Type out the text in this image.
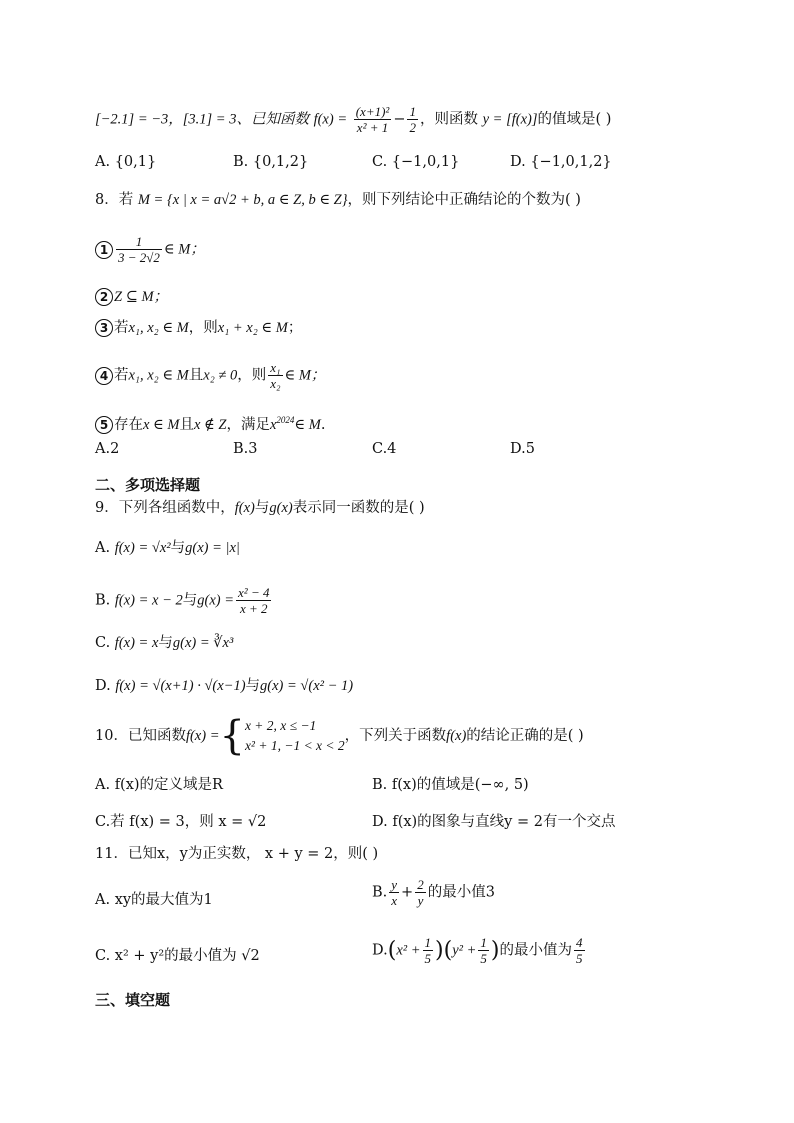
[−2.1] = −3，[3.1] = 3、已知函数 $f(x) = \frac{\text{(x+1)²}}{\text{x² + 1}} - \frac{1}{2}$ ，则函数 y = [f(x)]的值域是( )
A. {0,1}	B. {0,1,2}	C. {−1,0,1}	D. {−1,0,1,2}
8．若 M = {x | x = a√2 + b, a ∈ Z, b ∈ Z}，则下列结论中正确结论的个数为( )
$1 \frac{1}{3 - 2√2}$ ∈ M；
2 Z ⊆ M；
3 若x₁, x₂ ∈ M，则x₁ + x₂ ∈ M；
4 若x₁, x₂ ∈ M且x₂ ≠ 0，则 $\frac{\text{x₁}}{\text{x₂}}$ ∈ M；
5 存在x ∈ M且x ∉ Z，满足$x^{2024}\in$ M.
A.2	B.3	C.4	D.5
二、多项选择题
9．下列各组函数中，f(x)与g(x)表示同一函数的是( )
A. f(x) = √x²与g(x) = |x|
B. f(x) = x − 2与$g(x) = \frac{\text{x² − 4}}{x + 2}$
C. f(x) = x与g(x) = ∛x³
D. f(x) = √(x+1) · √(x−1)与g(x) = √(x² − 1)
10．已知函数f(x) ={ x + 2, x ≤ −1
x² + 1, −1 < x < 2
，下列关于函数f(x)的结论正确的是( )
A. f(x)的定义域是R	B. f(x)的值域是(−∞, 5)
C.若 f(x) = 3，则 x = √2	D. f(x)的图象与直线y = 2有一个交点
11．已知x，y为正实数， x + y = 2，则( )
A. xy的最大值为1	B. $\frac{y}{x} + \frac{2}{y}$ 的最小值3
C. x² + y²的最小值为 √2	$D.(x^2 + \frac{1}{5} )(y^2 + \frac{1}{5}$ )的最小值为 $\frac{4}{5}$
三、填空题
